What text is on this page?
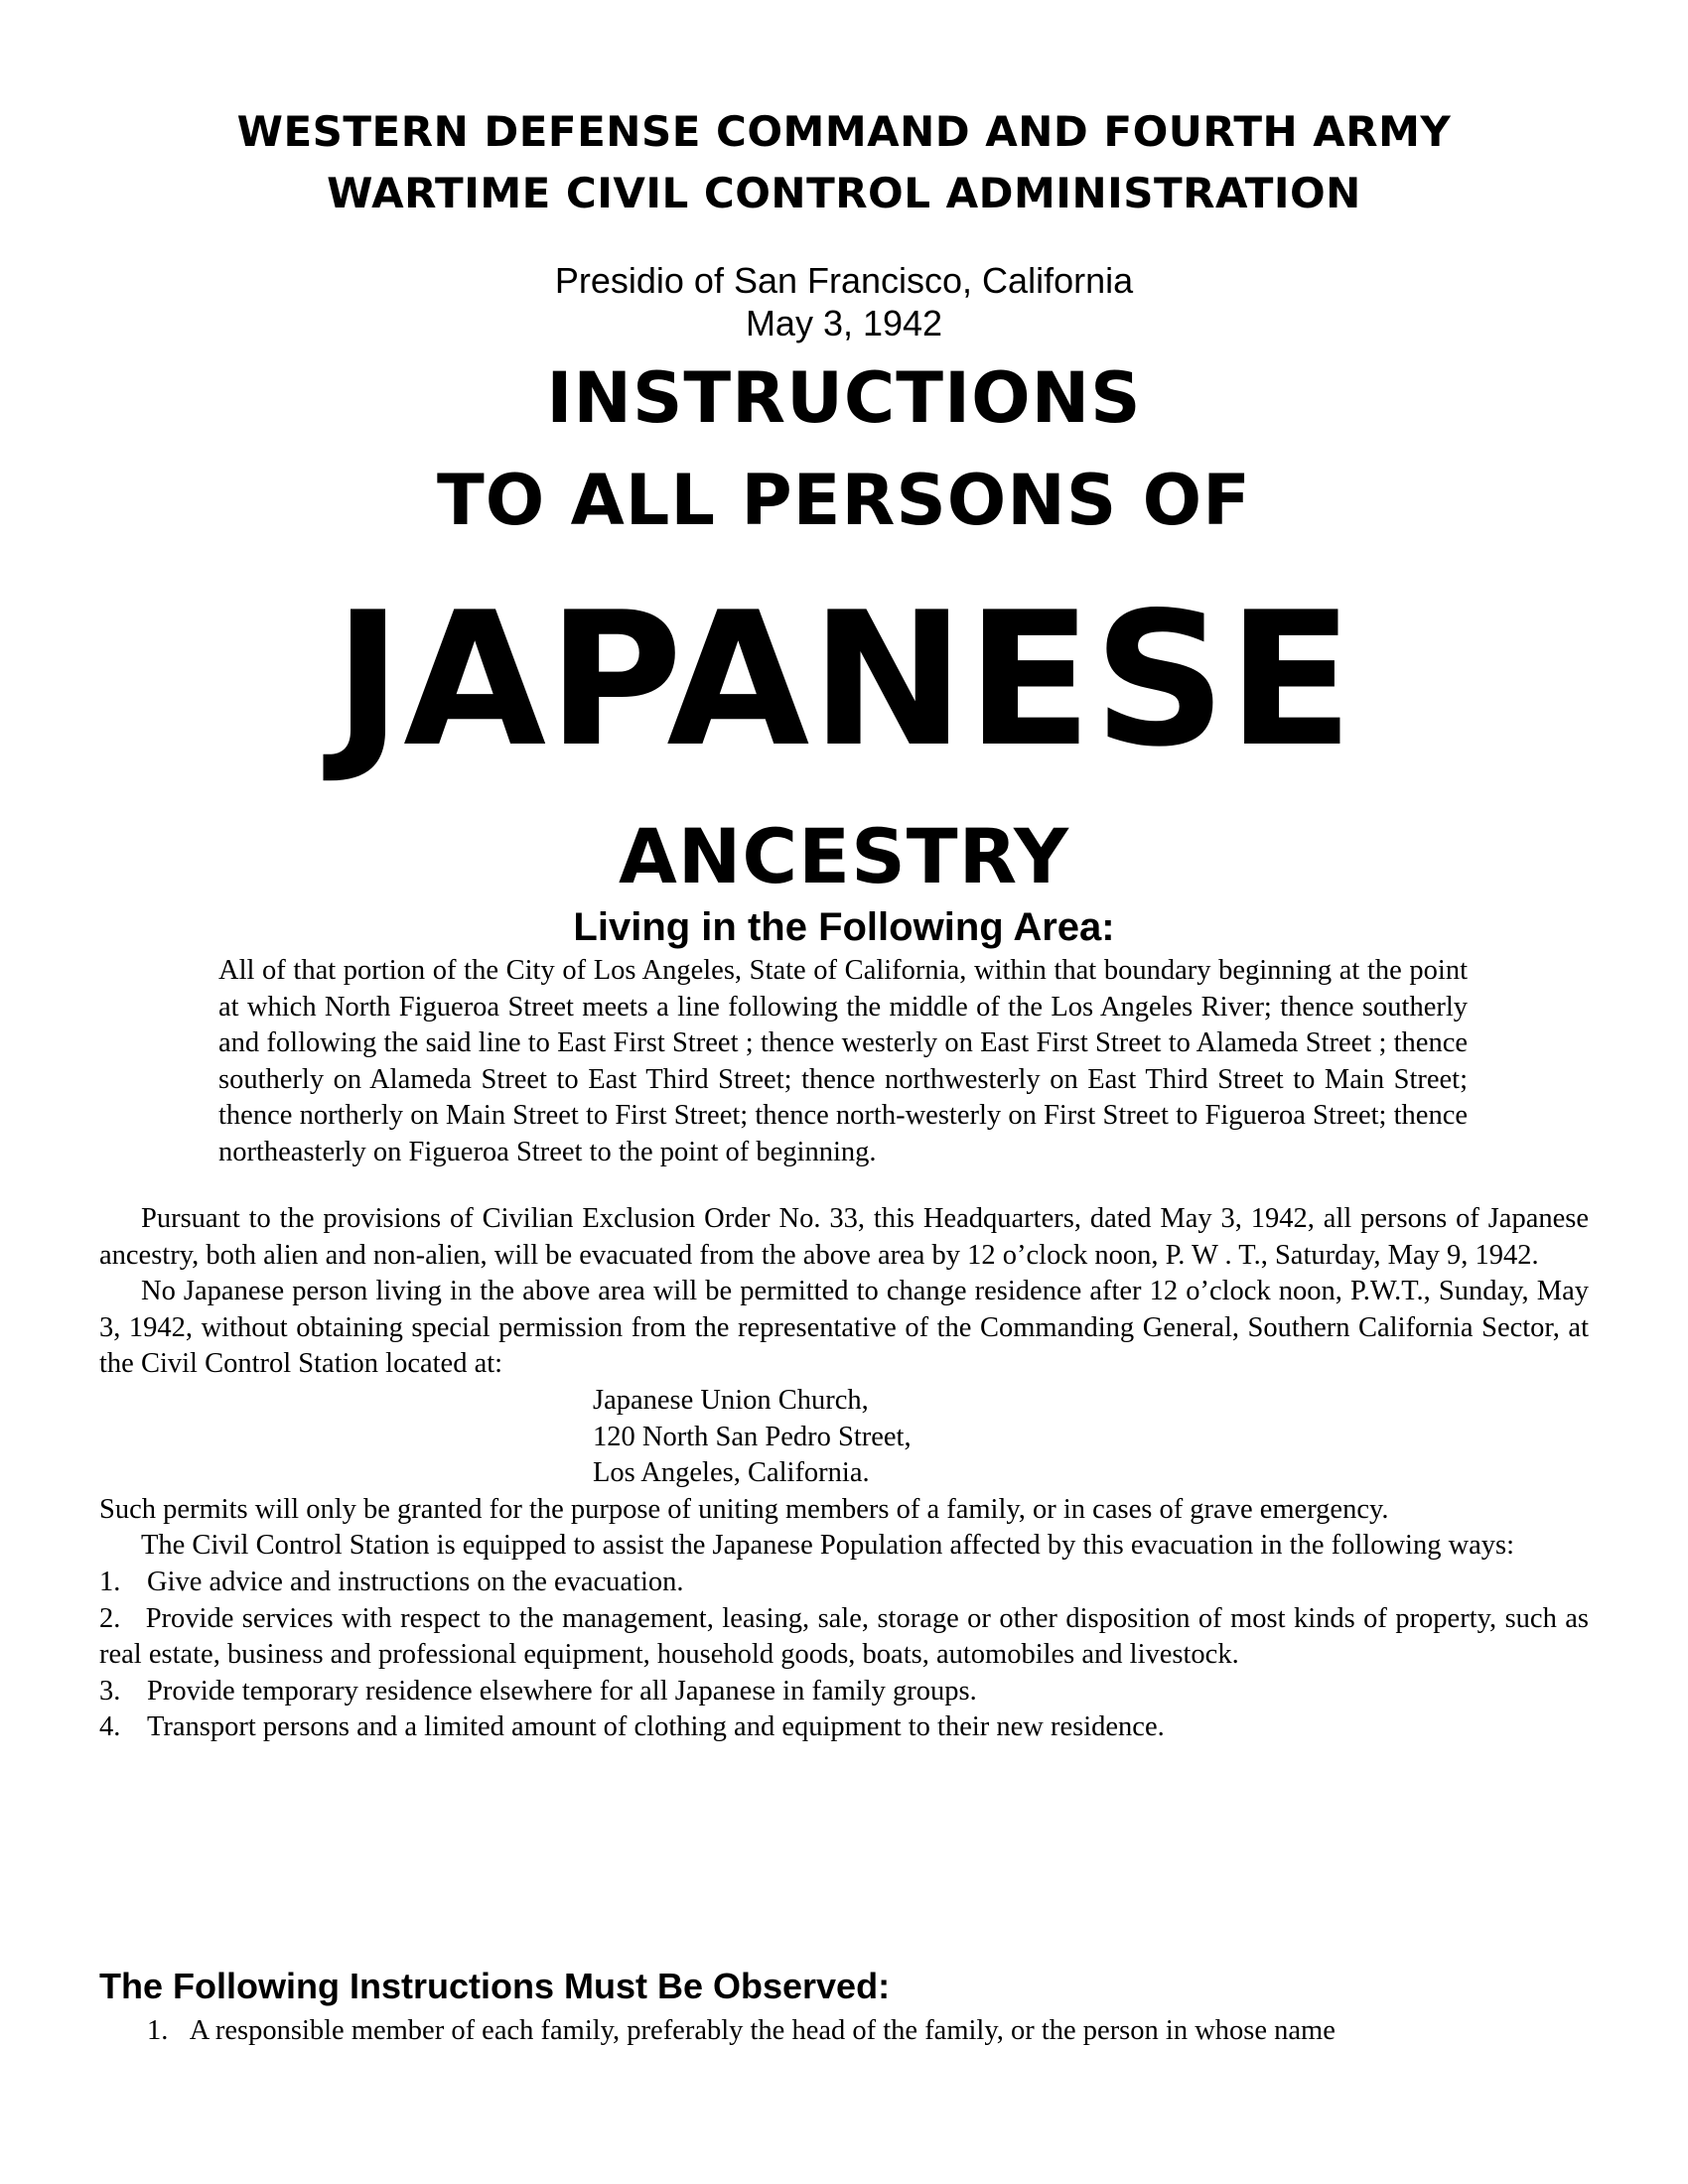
WESTERN DEFENSE COMMAND AND FOURTH ARMY
WARTIME CIVIL CONTROL ADMINISTRATION
Presidio of San Francisco, California
May 3, 1942
INSTRUCTIONS
TO ALL PERSONS OF
JAPANESE
ANCESTRY
Living in the Following Area:
All of that portion of the City of Los Angeles, State of California, within that boundary beginning at the point at which North Figueroa Street meets a line following the middle of the Los Angeles River; thence southerly and following the said line to East First Street ; thence westerly on East First Street to Alameda Street ; thence southerly on Alameda Street to East Third Street; thence northwesterly on East Third Street to Main Street; thence northerly on Main Street to First Street; thence north-westerly on First Street to Figueroa Street; thence northeasterly on Figueroa Street to the point of beginning.

Pursuant to the provisions of Civilian Exclusion Order No. 33, this Headquarters, dated May 3, 1942, all persons of Japanese ancestry, both alien and non-alien, will be evacuated from the above area by 12 o’clock noon, P. W . T., Saturday, May 9, 1942.

No Japanese person living in the above area will be permitted to change residence after 12 o’clock noon, P.W.T., Sunday, May 3, 1942, without obtaining special permission from the representative of the Commanding General, Southern California Sector, at the Civil Control Station located at:

Japanese Union Church,
120 North San Pedro Street,
Los Angeles, California.

Such permits will only be granted for the purpose of uniting members of a family, or in cases of grave emergency.

The Civil Control Station is equipped to assist the Japanese Population affected by this evacuation in the following ways:

1. Give advice and instructions on the evacuation.

2. Provide services with respect to the management, leasing, sale, storage or other disposition of most kinds of property, such as real estate, business and professional equipment, household goods, boats, automobiles and livestock.

3. Provide temporary residence elsewhere for all Japanese in family groups.
4. Transport persons and a limited amount of clothing and equipment to their new residence.
The Following Instructions Must Be Observed:
1. A responsible member of each family, preferably the head of the family, or the person in whose name
